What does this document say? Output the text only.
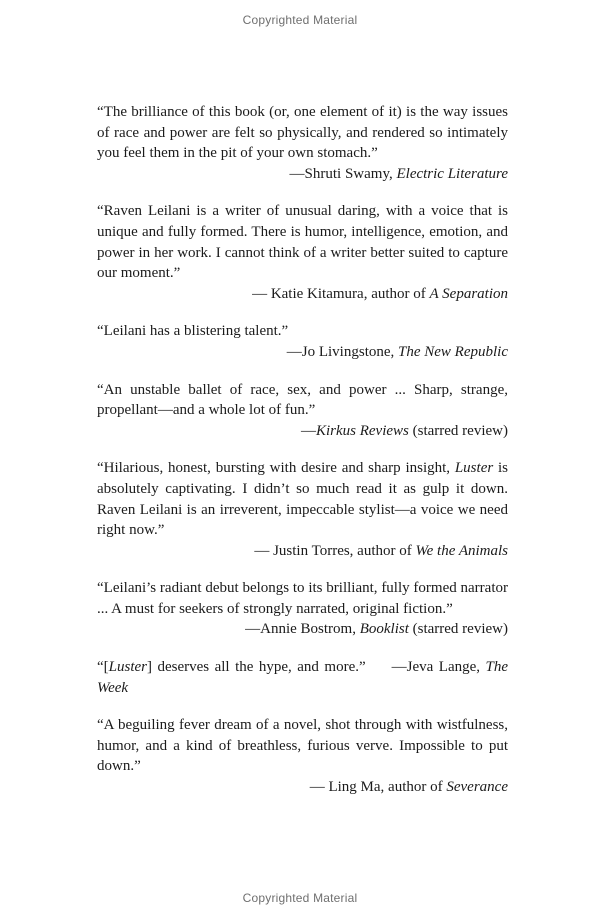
Copyrighted Material

“The brilliance of this book (or, one element of it) is the way issues of race and power are felt so physically, and rendered so intimately you feel them in the pit of your own stomach.”

—Shruti Swamy, Electric Literature

“Raven Leilani is a writer of unusual daring, with a voice that is unique and fully formed. There is humor, intelligence, emotion, and power in her work. I cannot think of a writer better suited to capture our moment.”

— Katie Kitamura, author of A Separation

“Leilani has a blistering talent.”

—Jo Livingstone, The New Republic

“An unstable ballet of race, sex, and power ... Sharp, strange, propellant—and a whole lot of fun.”

—Kirkus Reviews (starred review)

“Hilarious, honest, bursting with desire and sharp insight, Luster is absolutely captivating. I didn’t so much read it as gulp it down. Raven Leilani is an irreverent, impeccable stylist—a voice we need right now.”

— Justin Torres, author of We the Animals

“Leilani’s radiant debut belongs to its brilliant, fully formed narrator ... A must for seekers of strongly narrated, original fiction.”

—Annie Bostrom, Booklist (starred review)

“[Luster] deserves all the hype, and more.” —Jeva Lange, The Week

“A beguiling fever dream of a novel, shot through with wistfulness, humor, and a kind of breathless, furious verve. Impossible to put down.”

— Ling Ma, author of Severance
Copyrighted Material
